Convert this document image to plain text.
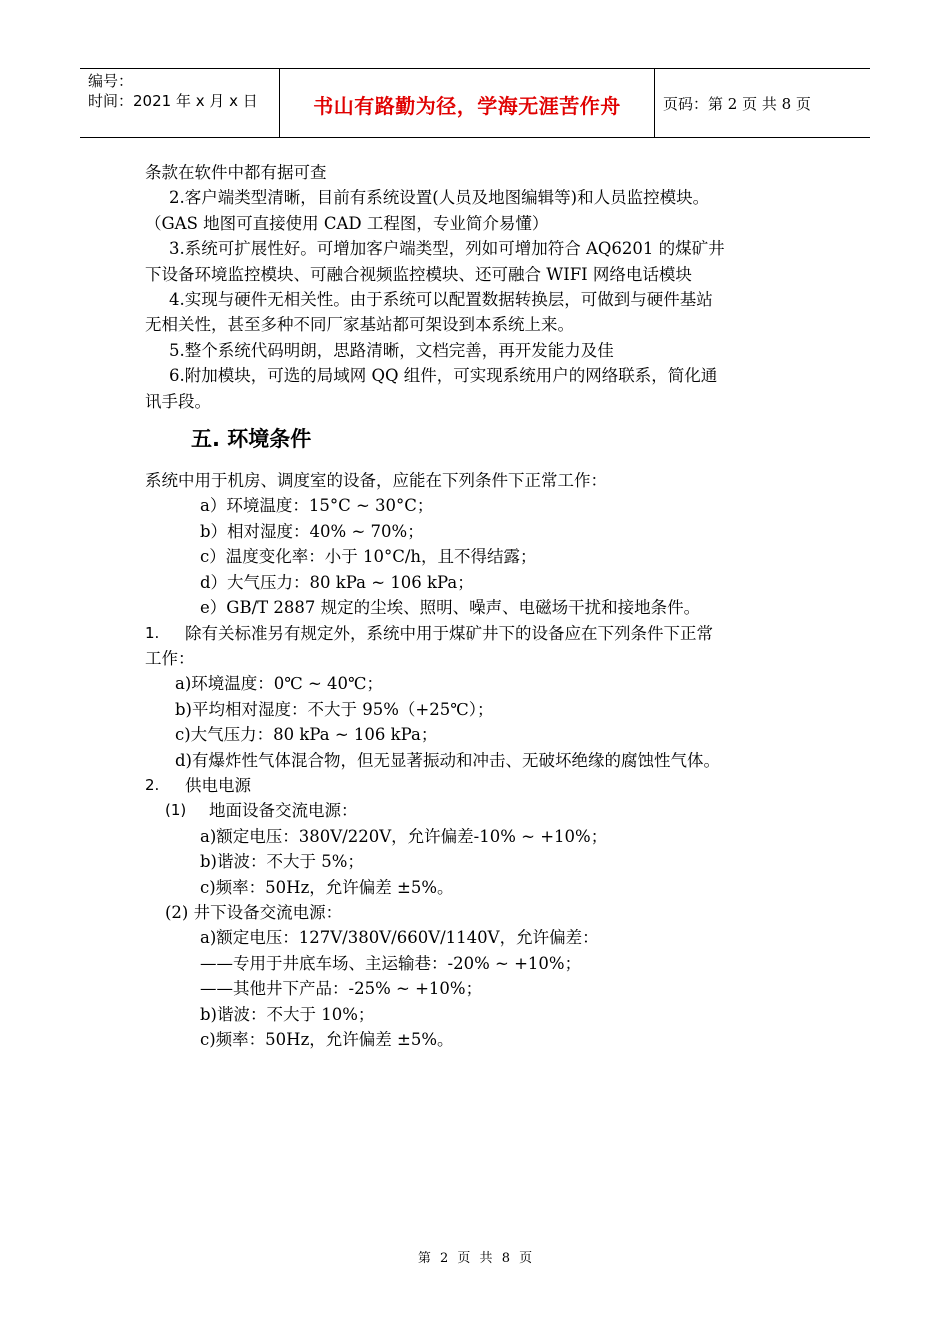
编号：
时间：2021 年 x 月 x 日	书山有路勤为径，学海无涯苦作舟	页码：第 2 页 共 8 页

条款在软件中都有据可查

2.客户端类型清晰，目前有系统设置(人员及地图编辑等)和人员监控模块。

（GAS 地图可直接使用 CAD 工程图，专业简介易懂）

3.系统可扩展性好。可增加客户端类型，列如可增加符合 AQ6201 的煤矿井

下设备环境监控模块、可融合视频监控模块、还可融合 WIFI 网络电话模块

4.实现与硬件无相关性。由于系统可以配置数据转换层，可做到与硬件基站

无相关性，甚至多种不同厂家基站都可架设到本系统上来。

5.整个系统代码明朗，思路清晰，文档完善，再开发能力及佳

6.附加模块，可选的局域网 QQ 组件，可实现系统用户的网络联系，简化通

讯手段。

五. 环境条件

系统中用于机房、调度室的设备，应能在下列条件下正常工作：

a）环境温度：15°C ~ 30°C；

b）相对湿度：40% ~ 70%；

c）温度变化率：小于 10°C/h，且不得结露；

d）大气压力：80 kPa ~ 106 kPa；

e）GB/T 2887 规定的尘埃、照明、噪声、电磁场干扰和接地条件。

1.	除有关标准另有规定外，系统中用于煤矿井下的设备应在下列条件下正常

工作：

a)环境温度：0℃ ~ 40℃；

b)平均相对湿度：不大于 95%（+25℃）；

c)大气压力：80 kPa ~ 106 kPa；

d)有爆炸性气体混合物，但无显著振动和冲击、无破坏绝缘的腐蚀性气体。

2.	供电电源
(1)	地面设备交流电源：

a)额定电压：380V/220V，允许偏差-10% ~ +10%；

b)谐波：不大于 5%；

c)频率：50Hz，允许偏差 ±5%。

(2) 井下设备交流电源：

a)额定电压：127V/380V/660V/1140V，允许偏差：

——专用于井底车场、主运输巷：-20% ~ +10%；

——其他井下产品：-25% ~ +10%；

b)谐波：不大于 10%；

c)频率：50Hz，允许偏差 ±5%。

第 2 页 共 8 页
